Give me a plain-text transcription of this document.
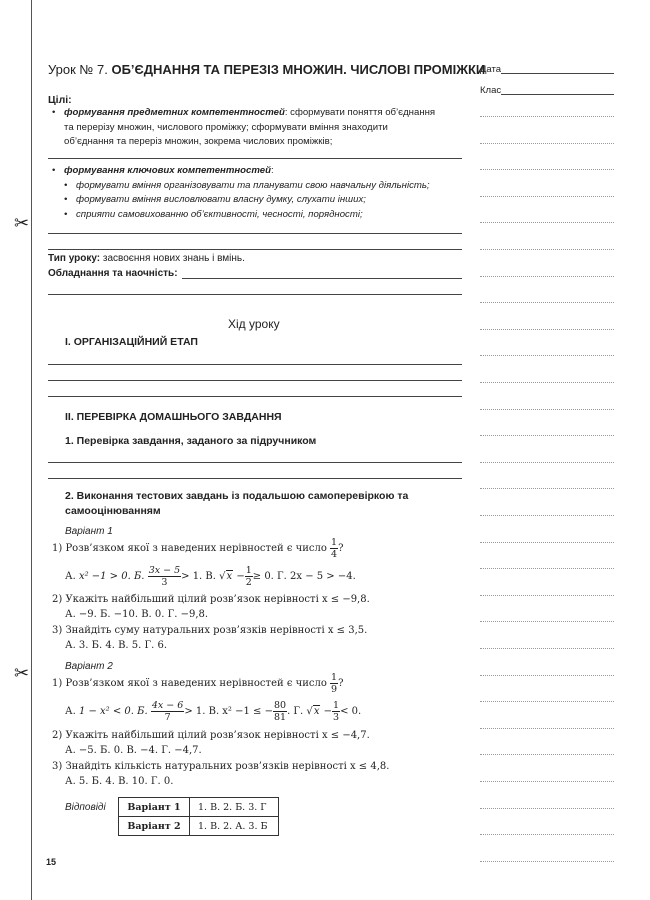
✂
✂
Урок № 7. ОБ’ЄДНАННЯ ТА ПЕРЕЗІЗ МНОЖИН. ЧИСЛОВІ ПРОМІЖКИ
Дата
Клас
Цілі:
• формування предметних компетентностей: сформувати поняття об’єднання
та перерізу множин, числового проміжку; сформувати вміння знаходити
об’єднання та переріз множин, зокрема числових проміжків;
• формування ключових компетентностей:
• формувати вміння організовувати та планувати свою навчальну діяльність;
• формувати вміння висловлювати власну думку, слухати інших;
• сприяти самовихованню об’єктивності, чесності, порядності;
Тип уроку: засвоєння нових знань і вмінь.
Обладнання та наочність:
Хід уроку
І. ОРГАНІЗАЦІЙНИЙ ЕТАП
ІІ. ПЕРЕВІРКА ДОМАШНЬОГО ЗАВДАННЯ
1. Перевірка завдання, заданого за підручником
2. Виконання тестових завдань із подальшою самоперевіркою та
самооцінюванням
Варіант 1
1) Розв’язком якої з наведених нерівностей є число $\frac{1}{4}$ ?
А. x² −1 > 0. Б. $\frac{3x - 5}{3} > 1$. В. $√x - \frac{1}{2} \ge 0$. Г. 2x − 5 > −4.
2) Укажіть найбільший цілий розв’язок нерівності x ≤ −9,8.
А. −9. Б. −10. В. 0. Г. −9,8.
3) Знайдіть суму натуральних розв’язків нерівності x ≤ 3,5.
А. 3. Б. 4. В. 5. Г. 6.
Варіант 2
1) Розв’язком якої з наведених нерівностей є число $\frac{1}{9}$ ?
А. 1 − x² < 0. Б. $\frac{4x - 6}{7} > 1$. В. x² −1 ≤ − $\frac{80}{81}$ . Г. $√x - \frac{1}{3} < 0$.
2) Укажіть найбільший цілий розв’язок нерівності x ≤ −4,7.
А. −5. Б. 0. В. −4. Г. −4,7.
3) Знайдіть кількість натуральних розв’язків нерівності x ≤ 4,8.
А. 5. Б. 4. В. 10. Г. 0.
Відповіді Варіант 1	1. В. 2. Б. 3. Г
Варіант 2	1. В. 2. А. 3. Б
15
